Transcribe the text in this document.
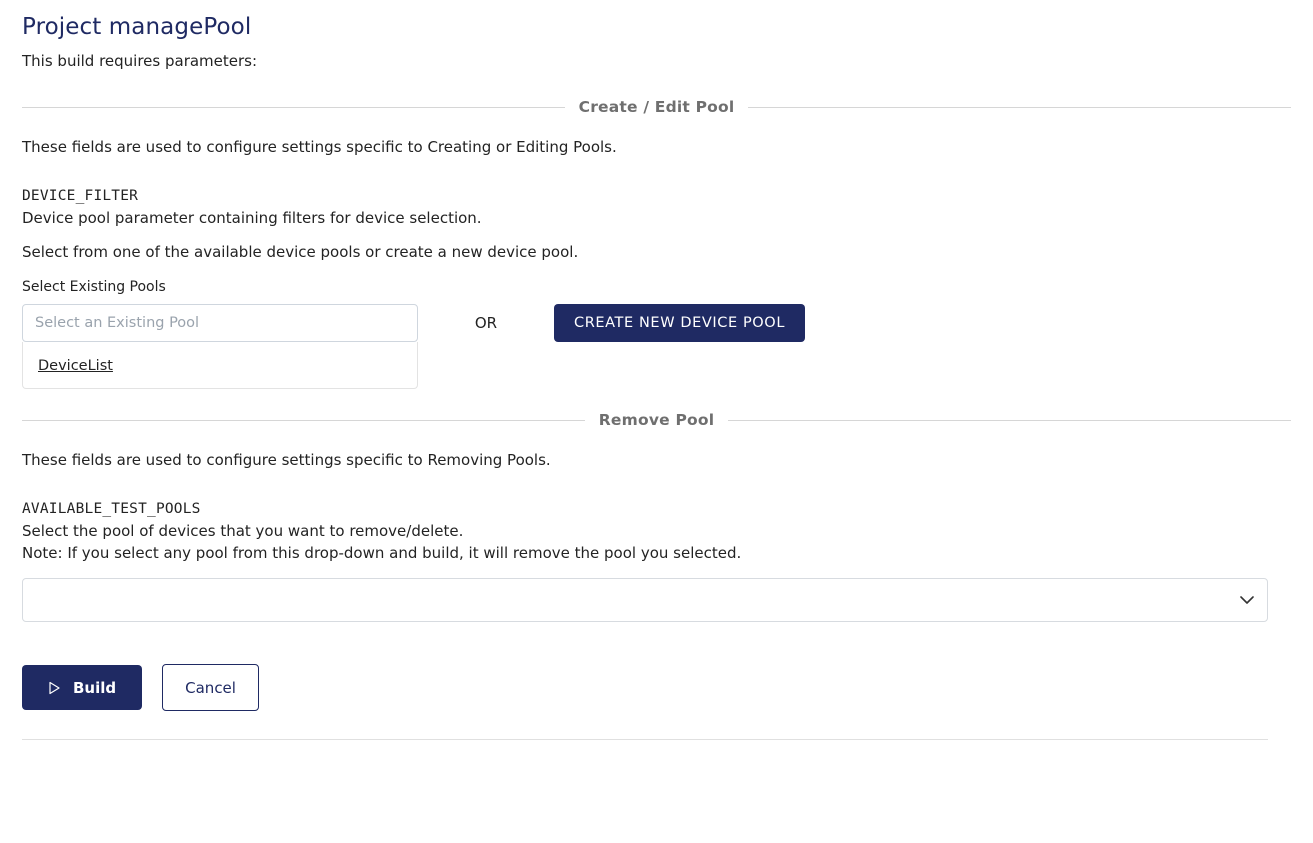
Project managePool

This build requires parameters:

Create / Edit Pool

These fields are used to configure settings specific to Creating or Editing Pools.

DEVICE_FILTER

Device pool parameter containing filters for device selection.

Select from one of the available device pools or create a new device pool.

Select Existing Pools

Select an Existing Pool
DeviceList
OR	CREATE NEW DEVICE POOL
Remove Pool

These fields are used to configure settings specific to Removing Pools.

AVAILABLE_TEST_POOLS

Select the pool of devices that you want to remove/delete.

Note: If you select any pool from this drop-down and build, it will remove the pool you selected.

Build	Cancel
